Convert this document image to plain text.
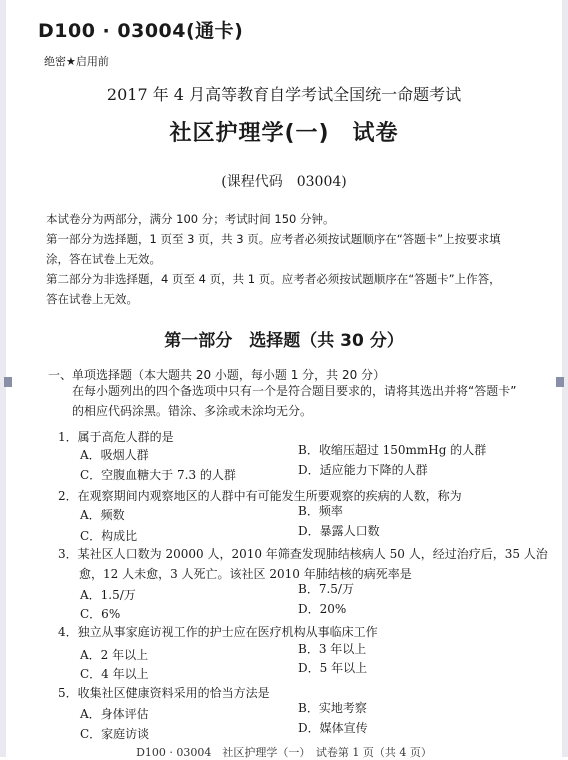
D100 · 03004(通卡)
绝密★启用前
2017 年 4 月高等教育自学考试全国统一命题考试
社区护理学(一)　试卷
(课程代码　03004)
本试卷分为两部分，满分 100 分；考试时间 150 分钟。
第一部分为选择题，1 页至 3 页，共 3 页。应考者必须按试题顺序在“答题卡”上按要求填
涂，答在试卷上无效。
第二部分为非选择题，4 页至 4 页，共 1 页。应考者必须按试题顺序在“答题卡”上作答，
答在试卷上无效。
第一部分　选择题（共 30 分）
一、单项选择题（本大题共 20 小题，每小题 1 分，共 20 分）
在每小题列出的四个备选项中只有一个是符合题目要求的，请将其选出并将“答题卡”
的相应代码涂黑。错涂、多涂或未涂均无分。
1．属于高危人群的是
A．吸烟人群	B．收缩压超过 150mmHg 的人群
C．空腹血糖大于 7.3 的人群	D．适应能力下降的人群
2．在观察期间内观察地区的人群中有可能发生所要观察的疾病的人数，称为
A．频数	B．频率
C．构成比	D．暴露人口数
3．某社区人口数为 20000 人，2010 年筛查发现肺结核病人 50 人，经过治疗后，35 人治
愈，12 人未愈，3 人死亡。该社区 2010 年肺结核的病死率是
A．1.5/万	B．7.5/万
C．6%	D．20%
4．独立从事家庭访视工作的护士应在医疗机构从事临床工作
A．2 年以上	B．3 年以上
C．4 年以上	D．5 年以上
5．收集社区健康资料采用的恰当方法是
A．身体评估	B．实地考察
C．家庭访谈	D．媒体宣传
D100 · 03004　社区护理学（一）　试卷第 1 页（共 4 页）
